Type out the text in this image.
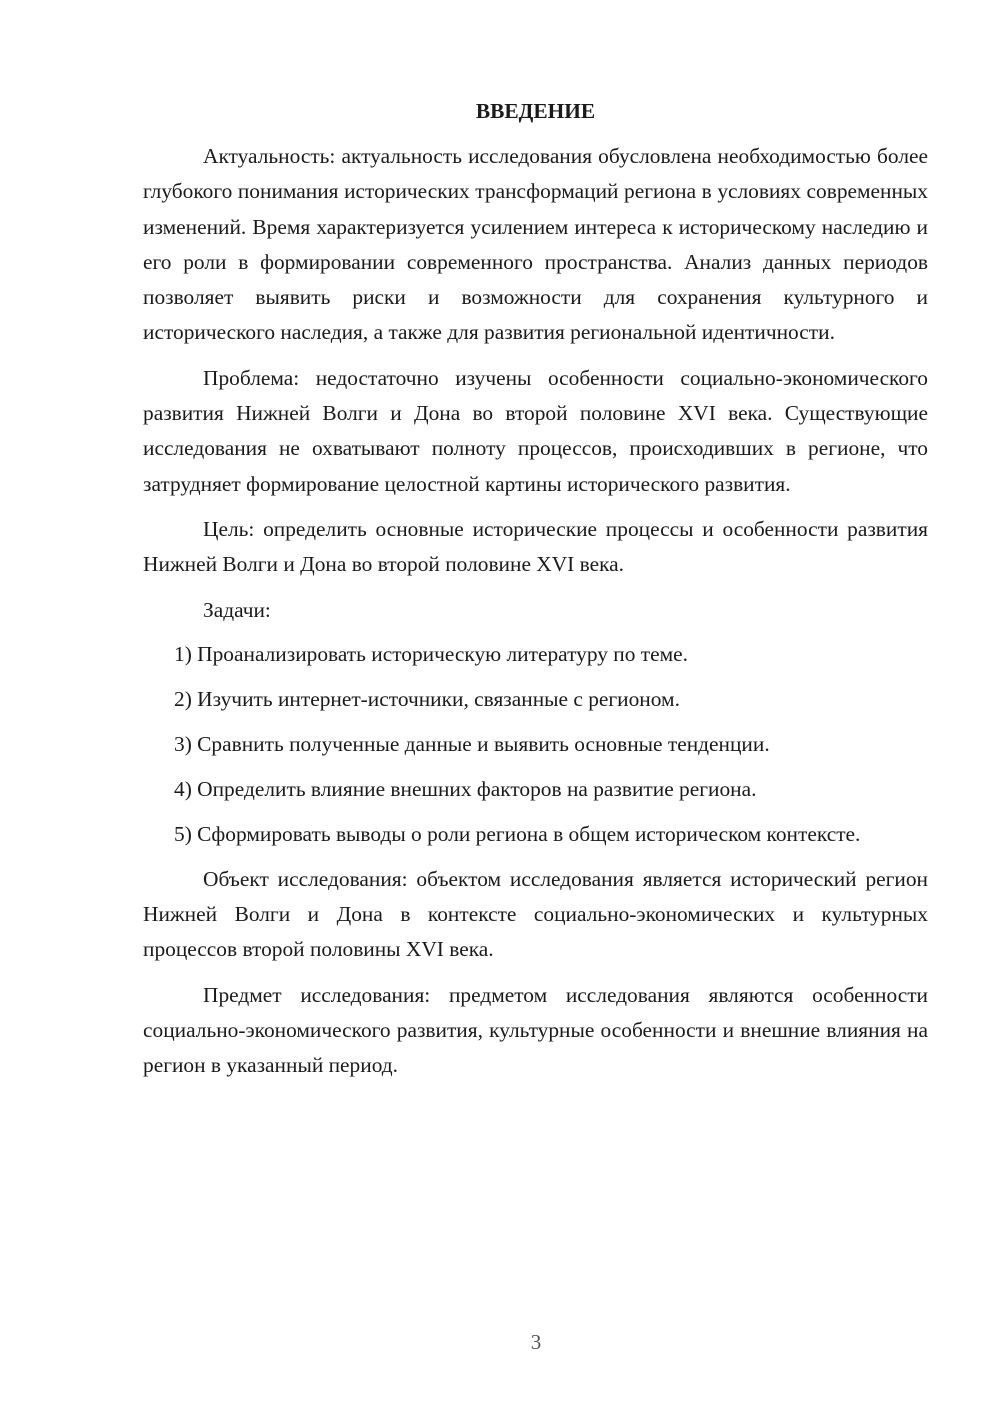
ВВЕДЕНИЕ

Актуальность: актуальность исследования обусловлена необходимостью более глубокого понимания исторических трансформаций региона в условиях современных изменений. Время характеризуется усилением интереса к историческому наследию и его роли в формировании современного пространства. Анализ данных периодов позволяет выявить риски и возможности для сохранения культурного и исторического наследия, а также для развития региональной идентичности.

Проблема: недостаточно изучены особенности социально-экономического развития Нижней Волги и Дона во второй половине XVI века. Существующие исследования не охватывают полноту процессов, происходивших в регионе, что затрудняет формирование целостной картины исторического развития.

Цель: определить основные исторические процессы и особенности развития Нижней Волги и Дона во второй половине XVI века.

Задачи:

1) Проанализировать историческую литературу по теме.

2) Изучить интернет-источники, связанные с регионом.

3) Сравнить полученные данные и выявить основные тенденции.

4) Определить влияние внешних факторов на развитие региона.

5) Сформировать выводы о роли региона в общем историческом контексте.

Объект исследования: объектом исследования является исторический регион Нижней Волги и Дона в контексте социально-экономических и культурных процессов второй половины XVI века.

Предмет исследования: предметом исследования являются особенности социально-экономического развития, культурные особенности и внешние влияния на регион в указанный период.

3
